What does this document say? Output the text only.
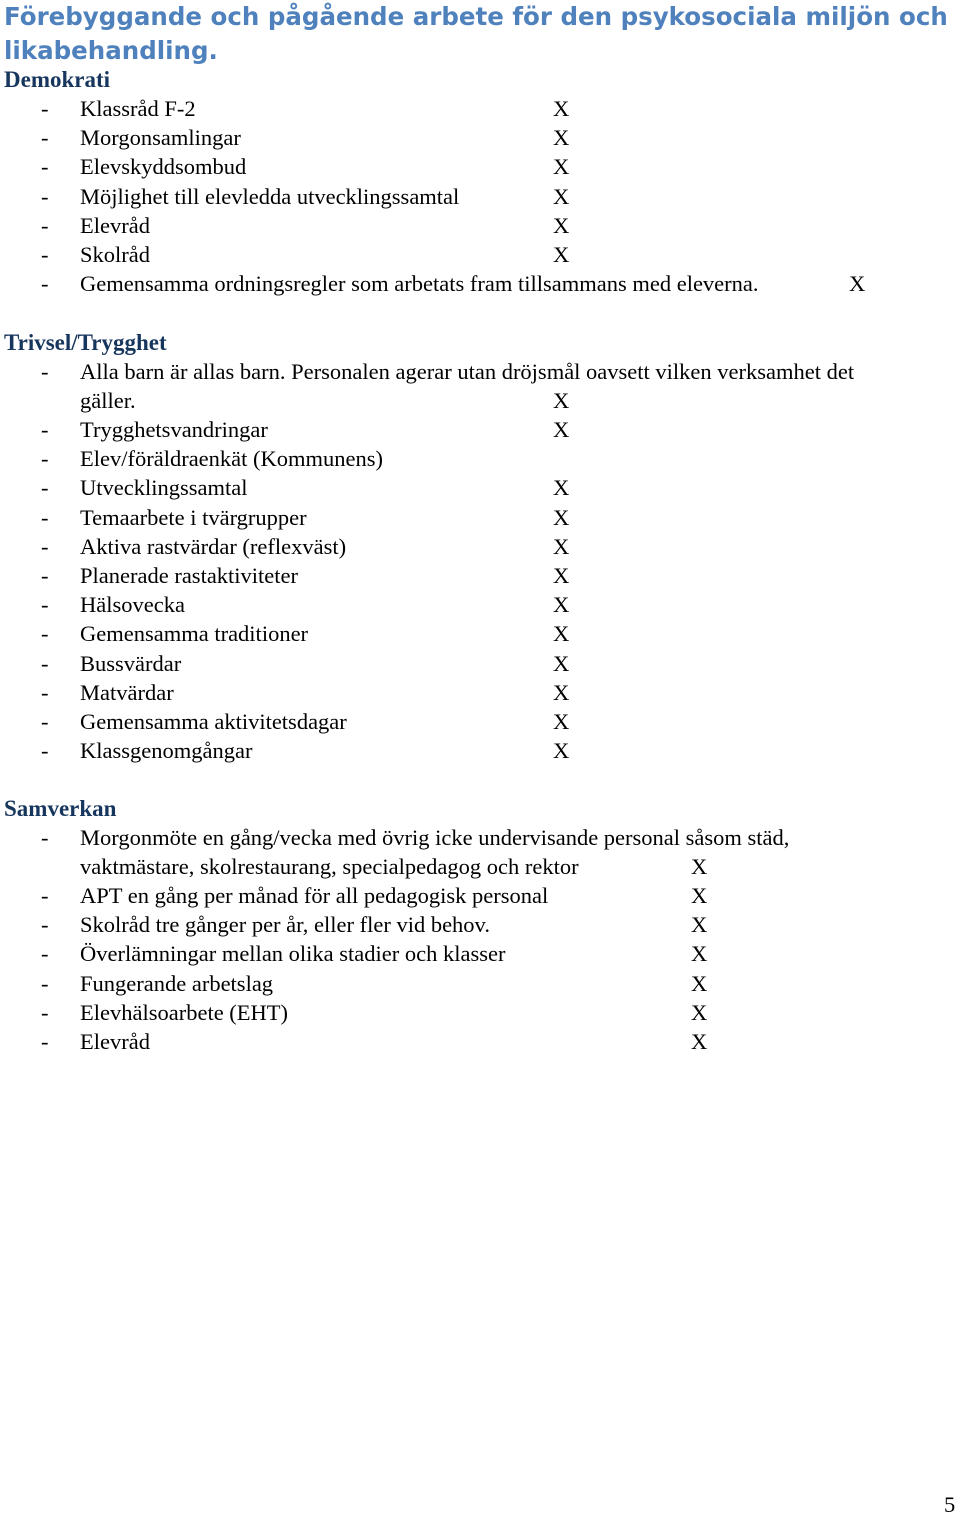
Förebyggande och pågående arbete för den psykosociala miljön och likabehandling.
Demokrati
- Klassråd F-2	X
- Morgonsamlingar	X
- Elevskyddsombud	X
- Möjlighet till elevledda utvecklingssamtal	X
- Elevråd	X
- Skolråd	X
- Gemensamma ordningsregler som arbetats fram tillsammans med eleverna.	X
Trivsel/Trygghet
- Alla barn är allas barn. Personalen agerar utan dröjsmål oavsett vilken verksamhet det
gäller.	X
- Trygghetsvandringar	X
- Elev/föräldraenkät (Kommunens)
- Utvecklingssamtal	X
- Temaarbete i tvärgrupper	X
- Aktiva rastvärdar (reflexväst)	X
- Planerade rastaktiviteter	X
- Hälsovecka	X
- Gemensamma traditioner	X
- Bussvärdar	X
- Matvärdar	X
- Gemensamma aktivitetsdagar	X
- Klassgenomgångar	X
Samverkan
- Morgonmöte en gång/vecka med övrig icke undervisande personal såsom städ,
vaktmästare, skolrestaurang, specialpedagog och rektor	X
- APT en gång per månad för all pedagogisk personal	X
- Skolråd tre gånger per år, eller fler vid behov.	X
- Överlämningar mellan olika stadier och klasser	X
- Fungerande arbetslag	X
- Elevhälsoarbete (EHT)	X
- Elevråd	X
5
